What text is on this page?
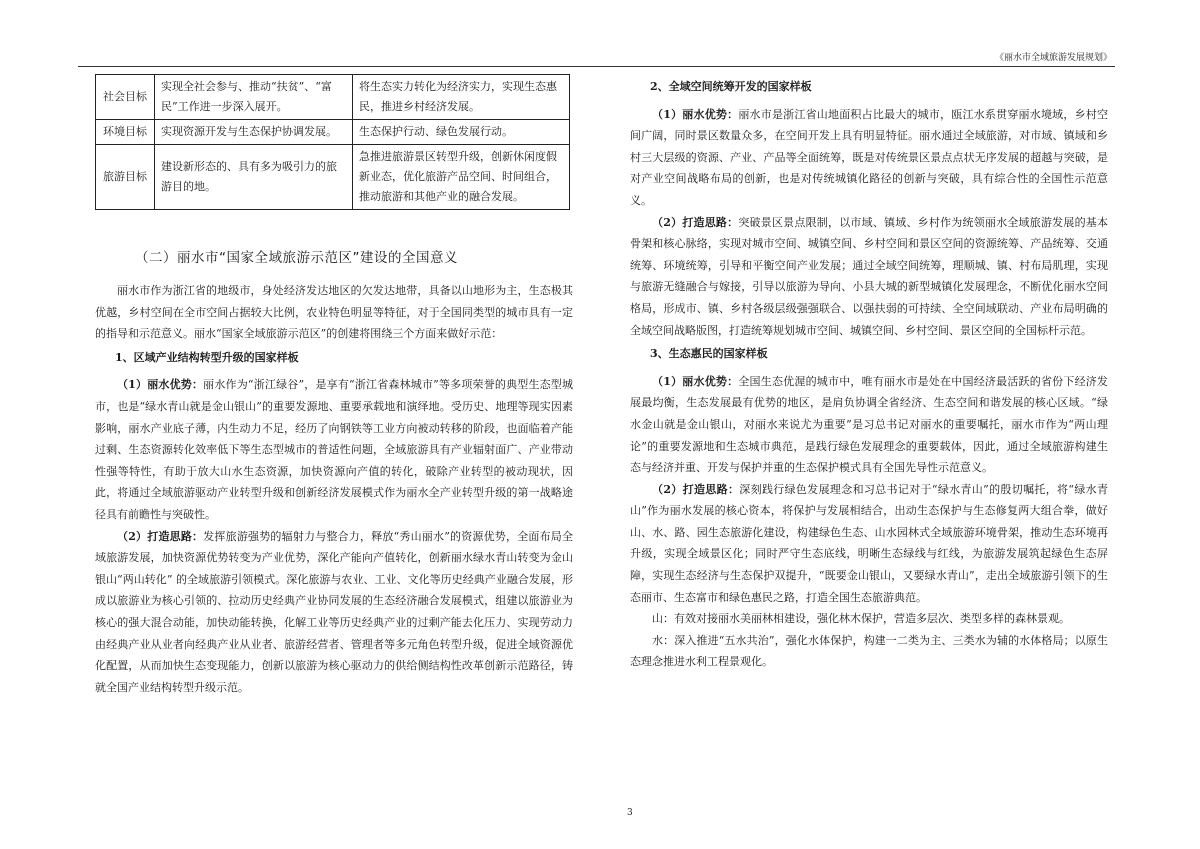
《丽水市全域旅游发展规划》
社会目标	实现全社会参与、推动“扶贫”、“富民”工作进一步深入展开。	将生态实力转化为经济实力，实现生态惠民，推进乡村经济发展。
环境目标	实现资源开发与生态保护协调发展。	生态保护行动、绿色发展行动。
旅游目标	建设新形态的、具有多为吸引力的旅游目的地。	急推进旅游景区转型升级，创新休闲度假新业态，优化旅游产品空间、时间组合，推动旅游和其他产业的融合发展。
（二）丽水市“国家全域旅游示范区”建设的全国意义

丽水市作为浙江省的地级市，身处经济发达地区的欠发达地带，具备以山地形为主，生态极其优越，乡村空间在全市空间占据较大比例，农业特色明显等特征，对于全国同类型的城市具有一定的指导和示范意义。丽水“国家全域旅游示范区”的创建将围绕三个方面来做好示范：

1、区域产业结构转型升级的国家样板

（1）丽水优势：丽水作为“浙江绿谷”，是享有“浙江省森林城市”等多项荣誉的典型生态型城市，也是“绿水青山就是金山银山”的重要发源地、重要承载地和演绎地。受历史、地理等现实因素影响，丽水产业底子薄，内生动力不足，经历了向钢铁等工业方向被动转移的阶段，也面临着产能过剩、生态资源转化效率低下等生态型城市的普适性问题，全域旅游具有产业辐射面广、产业带动性强等特性，有助于放大山水生态资源，加快资源向产值的转化，破除产业转型的被动现状，因此，将通过全域旅游驱动产业转型升级和创新经济发展模式作为丽水全产业转型升级的第一战略途径具有前瞻性与突破性。

（2）打造思路：发挥旅游强势的辐射力与整合力，释放“秀山丽水”的资源优势，全面布局全域旅游发展，加快资源优势转变为产业优势，深化产能向产值转化，创新丽水绿水青山转变为金山银山“两山转化” 的全域旅游引领模式。深化旅游与农业、工业、文化等历史经典产业融合发展，形成以旅游业为核心引领的、拉动历史经典产业协同发展的生态经济融合发展模式，组建以旅游业为核心的强大混合动能，加快动能转换，化解工业等历史经典产业的过剩产能去化压力、实现劳动力由经典产业从业者向经典产业从业者、旅游经营者、管理者等多元角色转型升级，促进全域资源优化配置，从而加快生态变现能力，创新以旅游为核心驱动力的供给侧结构性改革创新示范路径，铸就全国产业结构转型升级示范。

2、全域空间统筹开发的国家样板

（1）丽水优势：丽水市是浙江省山地面积占比最大的城市，瓯江水系贯穿丽水境域，乡村空间广阔，同时景区数量众多，在空间开发上具有明显特征。丽水通过全域旅游，对市域、镇域和乡村三大层级的资源、产业、产品等全面统筹，既是对传统景区景点点状无序发展的超越与突破，是对产业空间战略布局的创新，也是对传统城镇化路径的创新与突破，具有综合性的全国性示范意义。

（2）打造思路：突破景区景点限制，以市域、镇域、乡村作为统领丽水全域旅游发展的基本骨架和核心脉络，实现对城市空间、城镇空间、乡村空间和景区空间的资源统筹、产品统筹、交通统筹、环境统筹，引导和平衡空间产业发展；通过全域空间统筹，理顺城、镇、村布局肌理，实现与旅游无缝融合与嫁接，引导以旅游为导向、小县大城的新型城镇化发展理念，不断优化丽水空间格局，形成市、镇、乡村各级层级强强联合、以强扶弱的可持续、全空间域联动、产业布局明确的全域空间战略版图，打造统筹规划城市空间、城镇空间、乡村空间、景区空间的全国标杆示范。

3、生态惠民的国家样板

（1）丽水优势：全国生态优渥的城市中，唯有丽水市是处在中国经济最活跃的省份下经济发展最均衡，生态发展最有优势的地区，是肩负协调全省经济、生态空间和谐发展的核心区域。“绿水金山就是金山银山，对丽水来说尤为重要”是习总书记对丽水的重要嘱托，丽水市作为“两山理论”的重要发源地和生态城市典范，是践行绿色发展理念的重要载体，因此，通过全域旅游构建生态与经济并重、开发与保护并重的生态保护模式具有全国先导性示范意义。

（2）打造思路：深刻践行绿色发展理念和习总书记对于“绿水青山”的殷切嘱托，将“绿水青山”作为丽水发展的核心资本，将保护与发展相结合，出动生态保护与生态修复两大组合拳，做好山、水、路、园生态旅游化建设，构建绿色生态、山水园林式全域旅游环境骨架，推动生态环境再升级，实现全域景区化；同时严守生态底线，明晰生态绿线与红线，为旅游发展筑起绿色生态屏障，实现生态经济与生态保护双提升，“既要金山银山，又要绿水青山”，走出全域旅游引领下的生态丽市、生态富市和绿色惠民之路，打造全国生态旅游典范。

山：有效对接丽水美丽林相建设，强化林木保护，营造多层次、类型多样的森林景观。

水：深入推进“五水共治”，强化水体保护，构建一二类为主、三类水为辅的水体格局；以原生态理念推进水利工程景观化。

3
